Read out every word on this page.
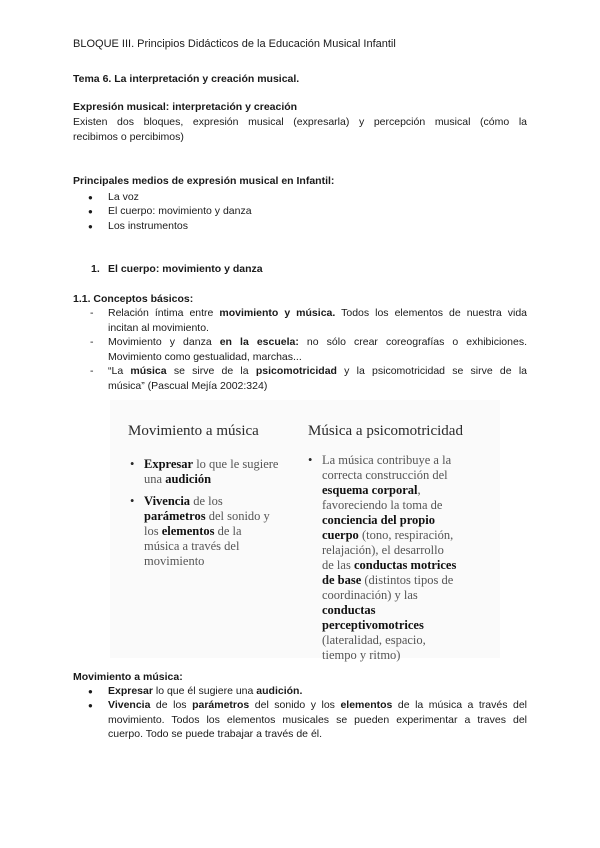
BLOQUE III. Principios Didácticos de la Educación Musical Infantil
Tema 6. La interpretación y creación musical.
Expresión musical: interpretación y creación
Existen dos bloques, expresión musical (expresarla) y percepción musical (cómo la
recibimos o percibimos)
Principales medios de expresión musical en Infantil:
● La voz
● El cuerpo: movimiento y danza
● Los instrumentos
1. El cuerpo: movimiento y danza
1.1. Conceptos básicos:
- Relación íntima entre movimiento y música. Todos los elementos de nuestra vida
incitan al movimiento.
- Movimiento y danza en la escuela: no sólo crear coreografías o exhibiciones.
Movimiento como gestualidad, marchas...
- “La música se sirve de la psicomotricidad y la psicomotricidad se sirve de la
música” (Pascual Mejía 2002:324)
Movimiento a música	Música a psicomotricidad
• Expresar lo que le sugiere
una audición
• Vivencia de los
parámetros del sonido y
los elementos de la
música a través del
movimiento
• La música contribuye a la
correcta construcción del
esquema corporal,
favoreciendo la toma de
conciencia del propio
cuerpo (tono, respiración,
relajación), el desarrollo
de las conductas motrices
de base (distintos tipos de
coordinación) y las
conductas
perceptivomotrices
(lateralidad, espacio,
tiempo y ritmo)
Movimiento a música:
● Expresar lo que él sugiere una audición.
● Vivencia de los parámetros del sonido y los elementos de la música a través del
movimiento. Todos los elementos musicales se pueden experimentar a traves del
cuerpo. Todo se puede trabajar a través de él.
